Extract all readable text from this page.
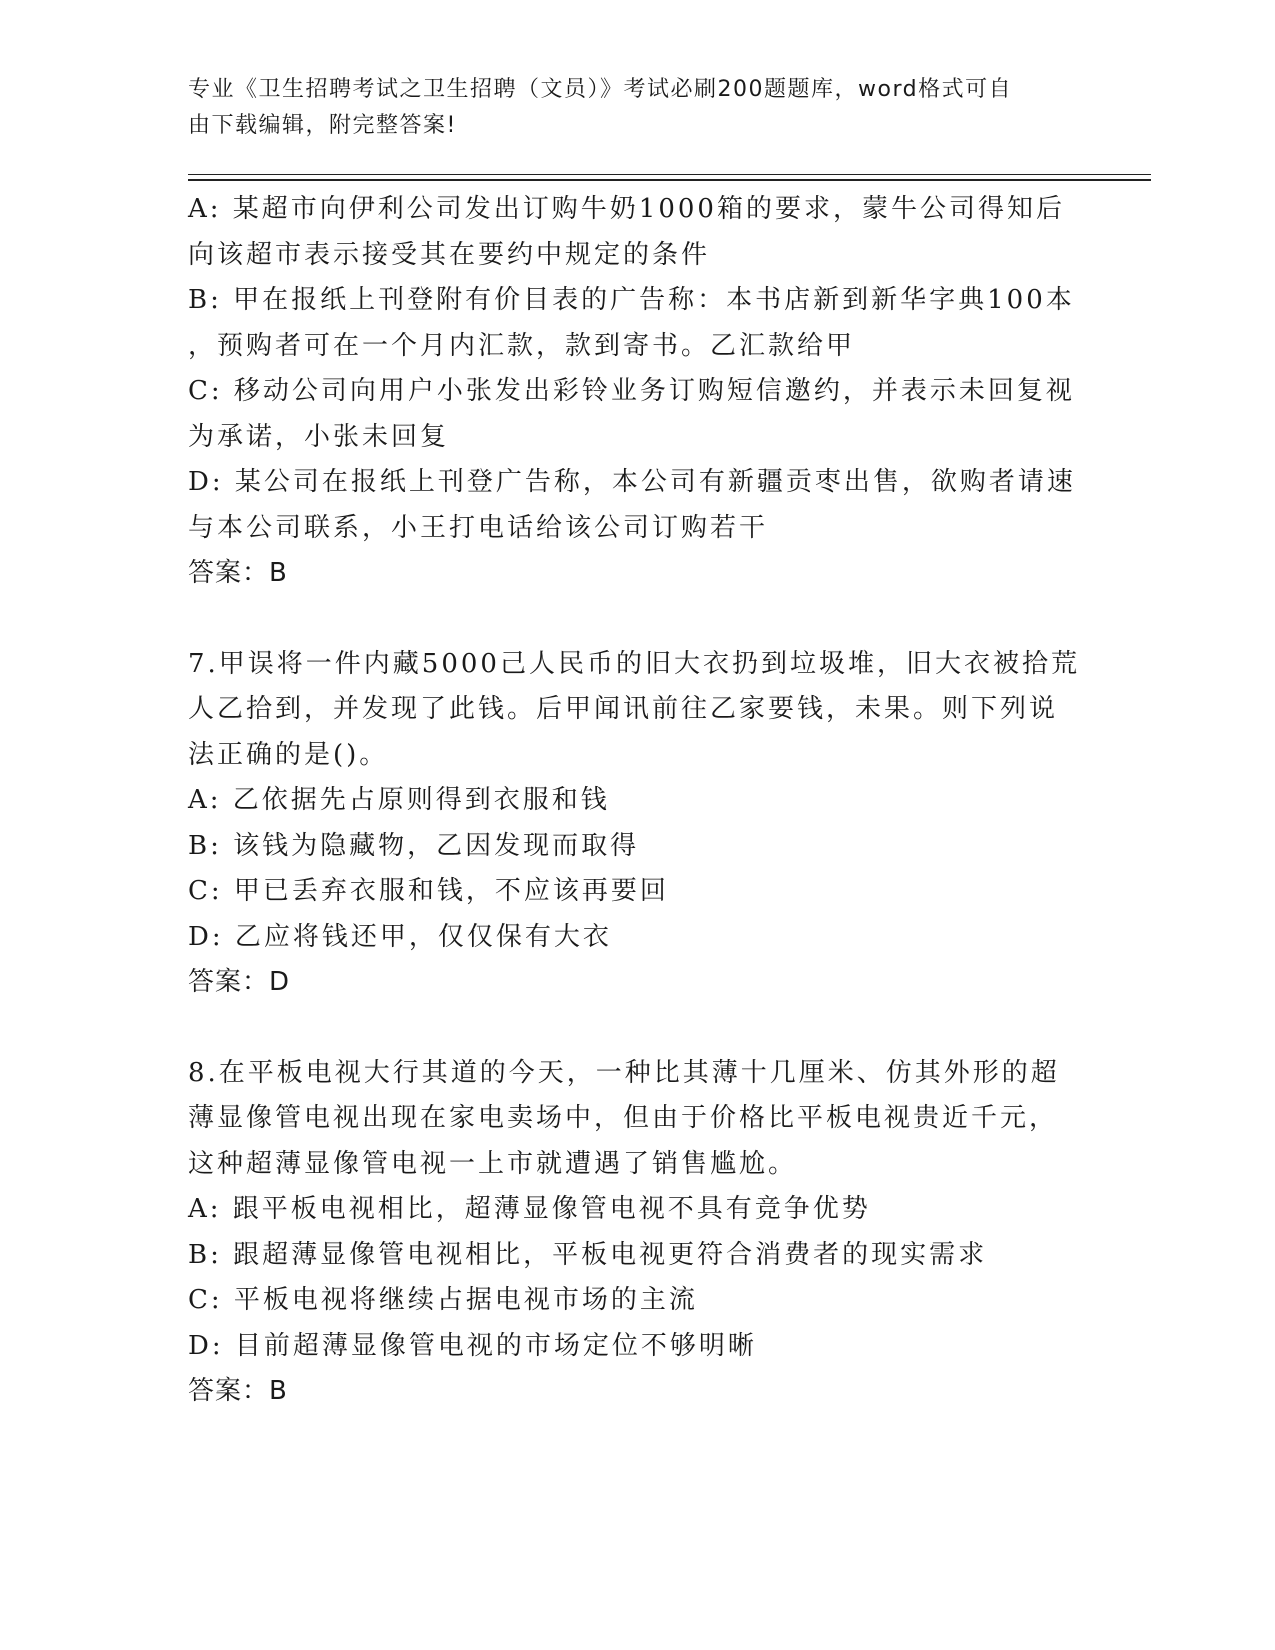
专业《卫生招聘考试之卫生招聘（文员）》考试必刷200题题库，word格式可自
由下载编辑，附完整答案!
A: 某超市向伊利公司发出订购牛奶1000箱的要求，蒙牛公司得知后
向该超市表示接受其在要约中规定的条件
B: 甲在报纸上刊登附有价目表的广告称：本书店新到新华字典100本
，预购者可在一个月内汇款，款到寄书。乙汇款给甲
C: 移动公司向用户小张发出彩铃业务订购短信邀约，并表示未回复视
为承诺，小张未回复
D: 某公司在报纸上刊登广告称，本公司有新疆贡枣出售，欲购者请速
与本公司联系，小王打电话给该公司订购若干
答案：B
7.甲误将一件内藏5000己人民币的旧大衣扔到垃圾堆，旧大衣被拾荒
人乙拾到，并发现了此钱。后甲闻讯前往乙家要钱，未果。则下列说
法正确的是()。
A: 乙依据先占原则得到衣服和钱
B: 该钱为隐藏物，乙因发现而取得
C: 甲已丢弃衣服和钱，不应该再要回
D: 乙应将钱还甲，仅仅保有大衣
答案：D
8.在平板电视大行其道的今天，一种比其薄十几厘米、仿其外形的超
薄显像管电视出现在家电卖场中，但由于价格比平板电视贵近千元，
这种超薄显像管电视一上市就遭遇了销售尴尬。
A: 跟平板电视相比，超薄显像管电视不具有竞争优势
B: 跟超薄显像管电视相比，平板电视更符合消费者的现实需求
C: 平板电视将继续占据电视市场的主流
D: 目前超薄显像管电视的市场定位不够明晰
答案：B
